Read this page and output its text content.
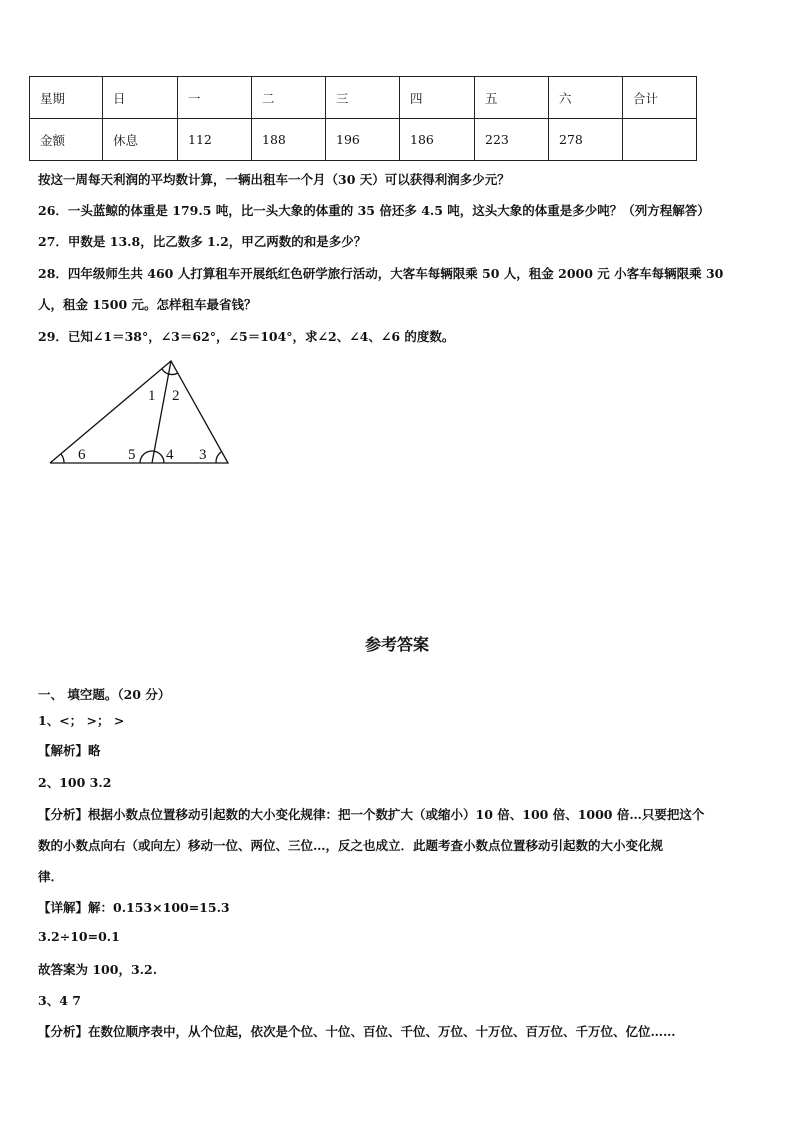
星期	日	一	二	三	四	五	六	合计
金额	休息	112	188	196	186	223	278	
按这一周每天利润的平均数计算，一辆出租车一个月（30 天）可以获得利润多少元？
26．一头蓝鲸的体重是 179.5 吨，比一头大象的体重的 35 倍还多 4.5 吨，这头大象的体重是多少吨？（列方程解答）
27．甲数是 13.8，比乙数多 1.2，甲乙两数的和是多少？
28．四年级师生共 460 人打算租车开展纸红色研学旅行活动，大客车每辆限乘 50 人，租金 2000 元 小客车每辆限乘 30
人，租金 1500 元。怎样租车最省钱？
29．已知∠1＝38°，∠3＝62°，∠5＝104°，求∠2、∠4、∠6 的度数。
1 2
6	5 4 3
参考答案
一、 填空题。（20 分）
1、<； >； >
【解析】略
2、100 3.2
【分析】根据小数点位置移动引起数的大小变化规律：把一个数扩大（或缩小）10 倍、100 倍、1000 倍…只要把这个
数的小数点向右（或向左）移动一位、两位、三位…，反之也成立．此题考查小数点位置移动引起数的大小变化规
律．
【详解】解：0.153×100=15.3
3.2÷10=0.1
故答案为 100，3.2.
3、4 7
【分析】在数位顺序表中，从个位起，依次是个位、十位、百位、千位、万位、十万位、百万位、千万位、亿位……
